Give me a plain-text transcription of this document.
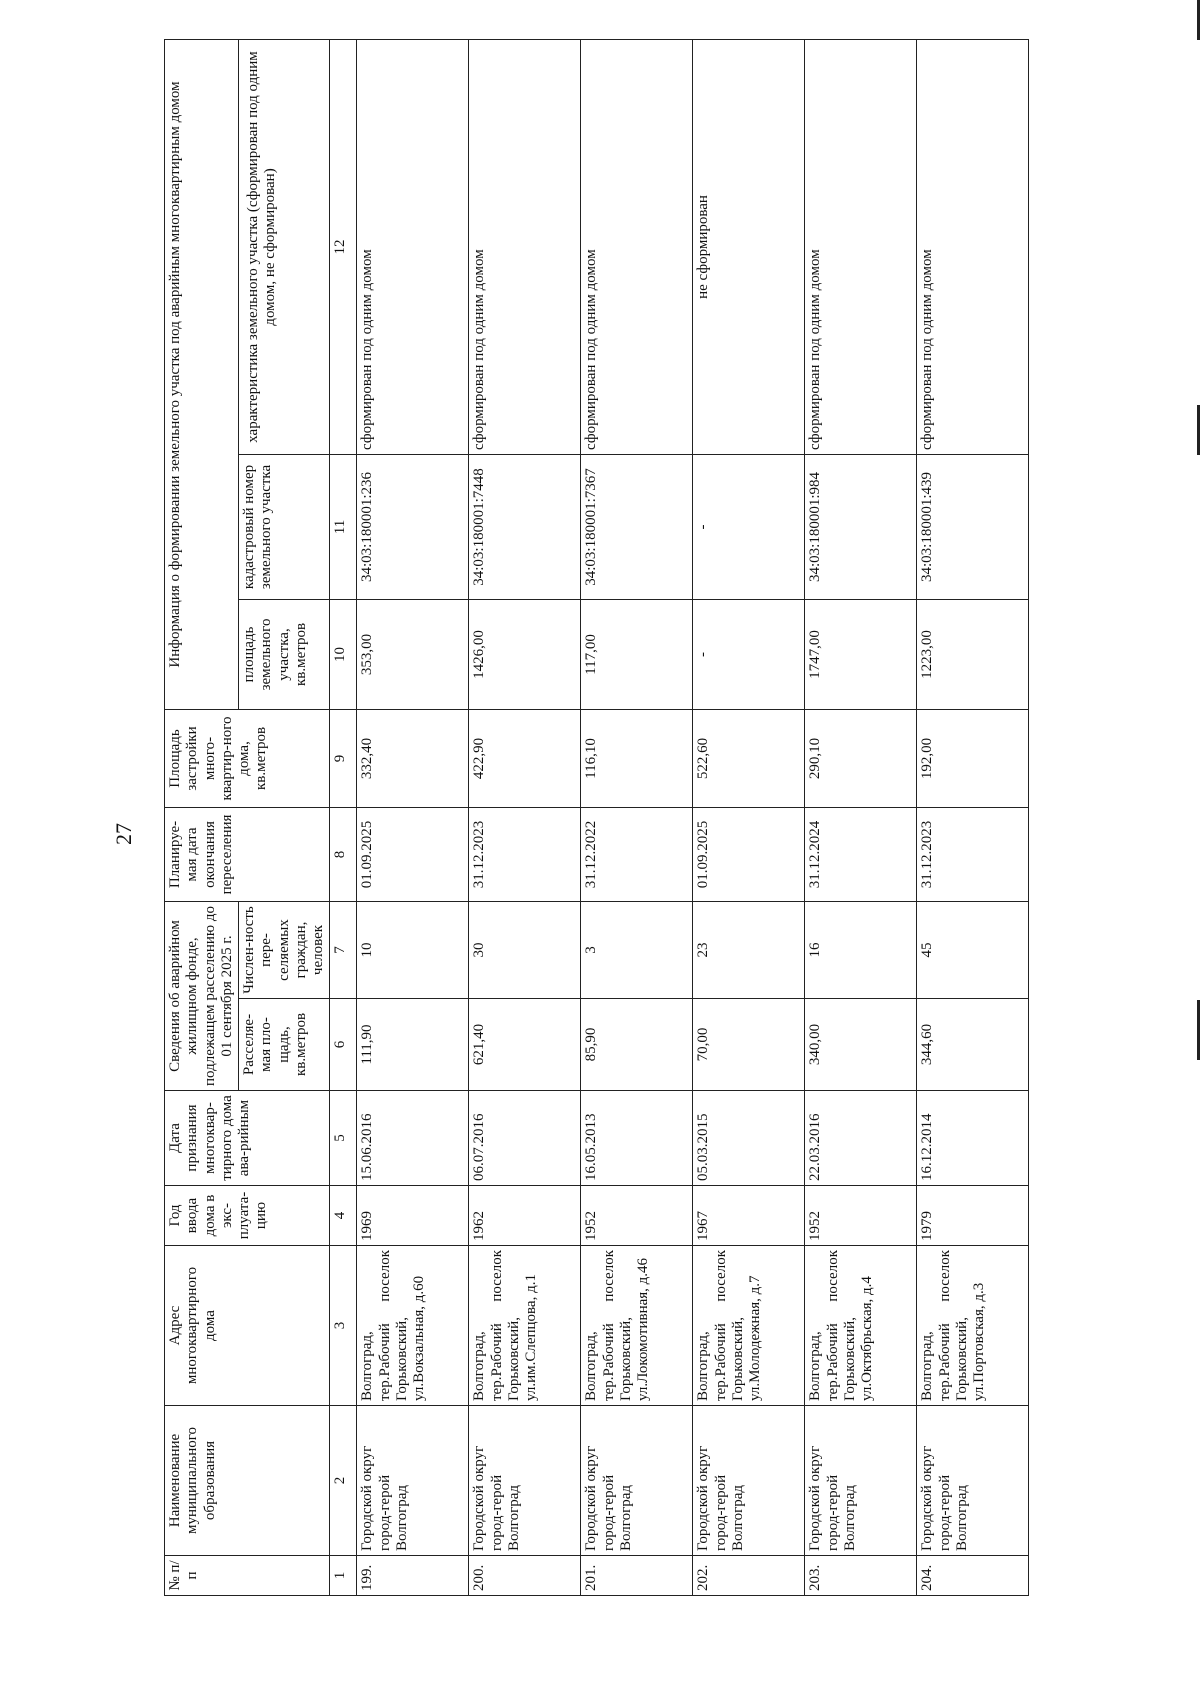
27
№ п/п	Наименование муниципального образования	Адрес многоквартирного дома	Год ввода дома в экс-плуата-цию	Дата признания многоквар-тирного дома ава-рийным	Сведения об аварийном жилищном фонде, подлежащем расселению до 01 сентября 2025 г.		Планируе-мая дата окончания переселения	Площадь застройки много-квартир-ного дома, кв.метров	Информация о формировании земельного участка под аварийным многоквартирным домом		
					Расселяе-мая пло-щадь, кв.метров	Числен-ность пере-селяемых граждан, человек			площадь земельного участка, кв.метров	кадастровый номер земельного участка	характеристика земельного участка (сформирован под одним домом, не сформирован)
1	2	3	4	5	6	7	8	9	10	11	12
199.	Городской округ город-герой Волгоград	Волгоград, тер.Рабочий поселок Горьковский, ул.Вокзальная, д.60	1969	15.06.2016	111,90	10	01.09.2025	332,40	353,00	34:03:180001:236	сформирован под одним домом
200.	Городской округ город-герой Волгоград	Волгоград, тер.Рабочий поселок Горьковский, ул.им.Слепцова, д.1	1962	06.07.2016	621,40	30	31.12.2023	422,90	1426,00	34:03:180001:7448	сформирован под одним домом
201.	Городской округ город-герой Волгоград	Волгоград, тер.Рабочий поселок Горьковский, ул.Локомотивная, д.46	1952	16.05.2013	85,90	3	31.12.2022	116,10	117,00	34:03:180001:7367	сформирован под одним домом
202.	Городской округ город-герой Волгоград	Волгоград, тер.Рабочий поселок Горьковский, ул.Молодежная, д.7	1967	05.03.2015	70,00	23	01.09.2025	522,60	-	-	не сформирован
203.	Городской округ город-герой Волгоград	Волгоград, тер.Рабочий поселок Горьковский, ул.Октябрьская, д.4	1952	22.03.2016	340,00	16	31.12.2024	290,10	1747,00	34:03:180001:984	сформирован под одним домом
204.	Городской округ город-герой Волгоград	Волгоград, тер.Рабочий поселок Горьковский, ул.Портовская, д.3	1979	16.12.2014	344,60	45	31.12.2023	192,00	1223,00	34:03:180001:439	сформирован под одним домом
